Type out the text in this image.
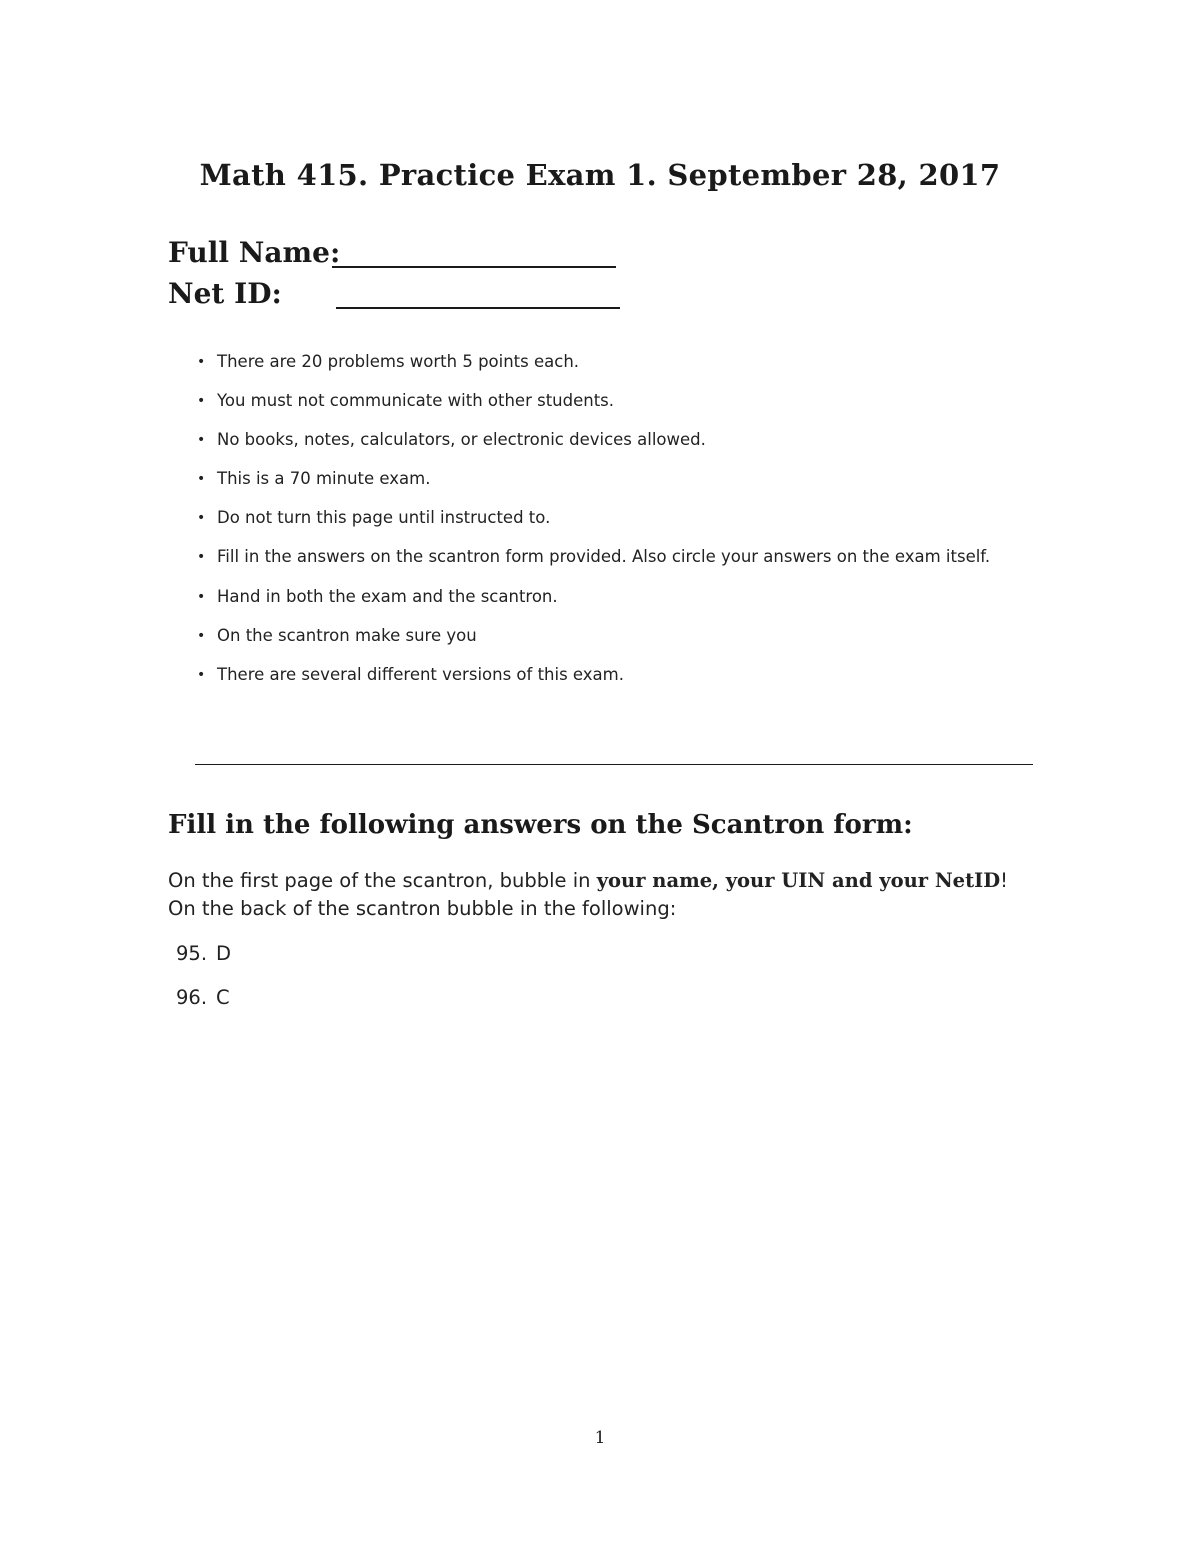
Math 415. Practice Exam 1. September 28, 2017
Full Name:
Net ID:
• There are 20 problems worth 5 points each.
• You must not communicate with other students.
• No books, notes, calculators, or electronic devices allowed.
• This is a 70 minute exam.
• Do not turn this page until instructed to.
• Fill in the answers on the scantron form provided. Also circle your answers on the exam itself.
• Hand in both the exam and the scantron.
• On the scantron make sure you
• There are several different versions of this exam.
Fill in the following answers on the Scantron form:
On the first page of the scantron, bubble in your name, your UIN and your NetID!
On the back of the scantron bubble in the following:
95. D
96. C
1
